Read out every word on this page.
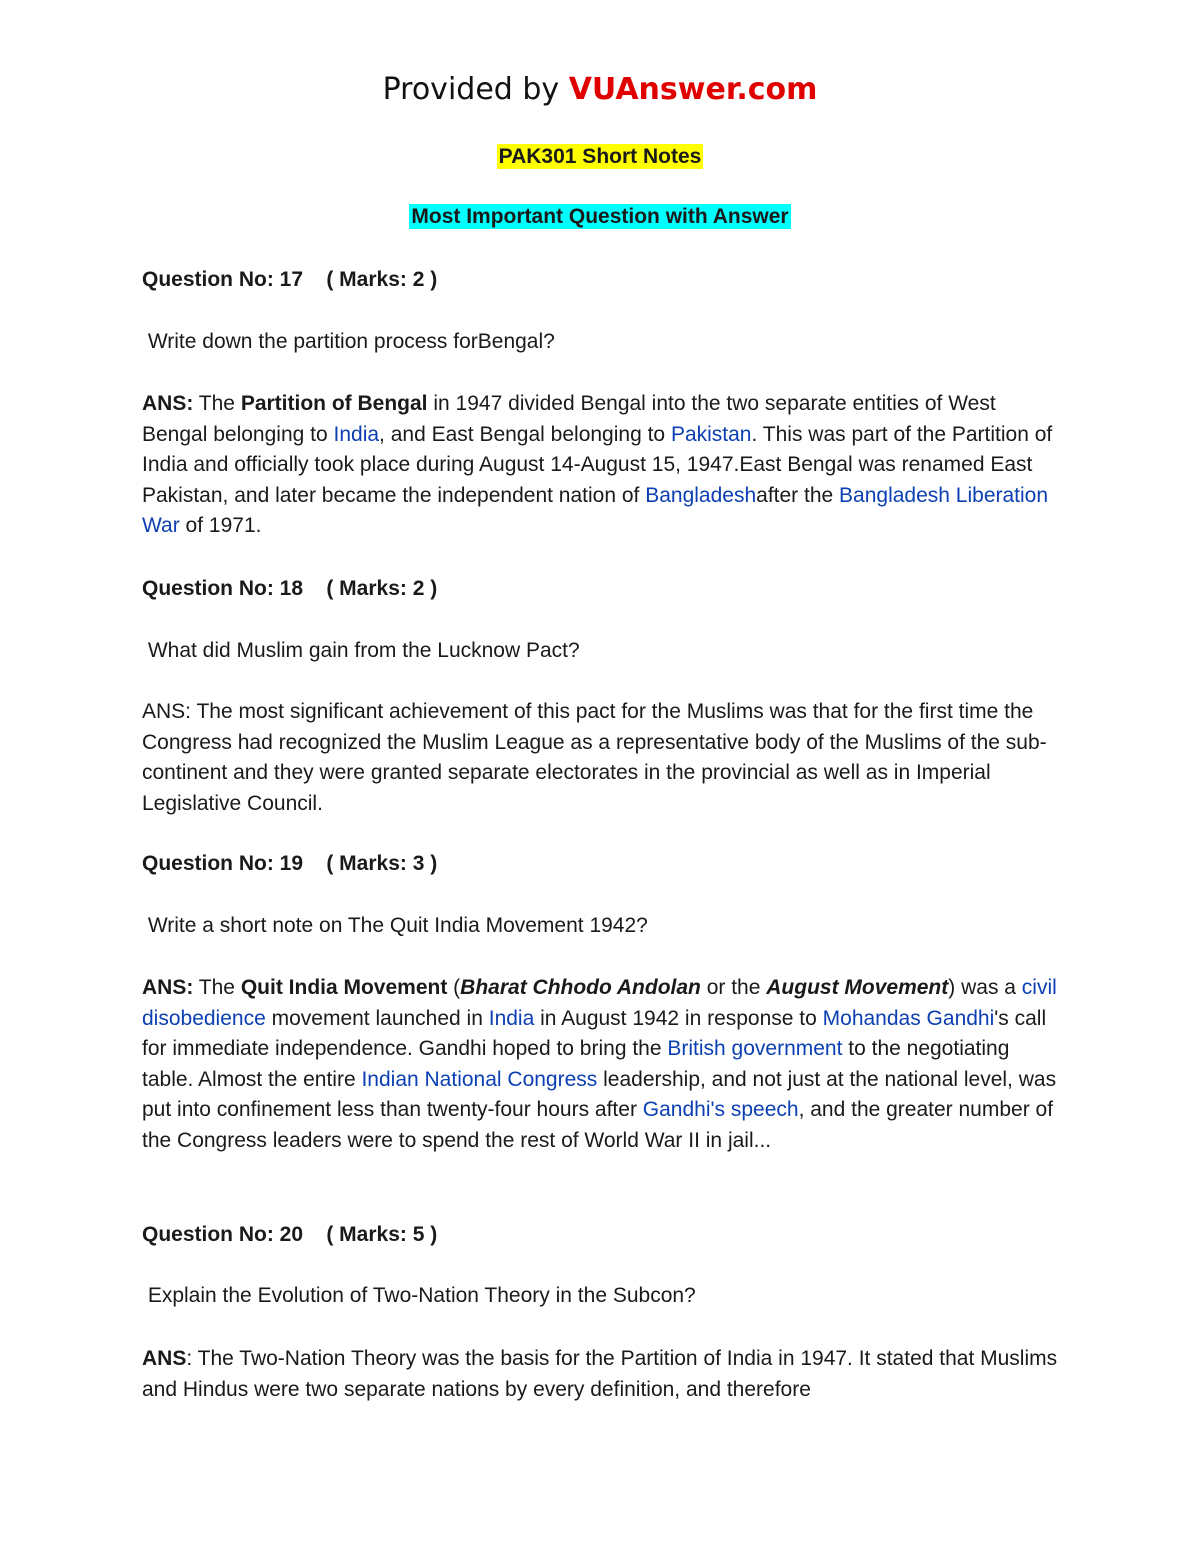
Provided by VUAnswer.com
PAK301 Short Notes
Most Important Question with Answer
Question No: 17    ( Marks: 2 )
Write down the partition process forBengal?
ANS: The Partition of Bengal in 1947 divided Bengal into the two separate entities of West Bengal belonging to India, and East Bengal belonging to Pakistan. This was part of the Partition of India and officially took place during August 14-August 15, 1947.East Bengal was renamed East Pakistan, and later became the independent nation of Bangladeshafter the Bangladesh Liberation War of 1971.
Question No: 18    ( Marks: 2 )
What did Muslim gain from the Lucknow Pact?
ANS: The most significant achievement of this pact for the Muslims was that for the first time the Congress had recognized the Muslim League as a representative body of the Muslims of the sub-continent and they were granted separate electorates in the provincial as well as in Imperial Legislative Council.
Question No: 19    ( Marks: 3 )
Write a short note on The Quit India Movement 1942?
ANS: The Quit India Movement (Bharat Chhodo Andolan or the August Movement) was a civil disobedience movement launched in India in August 1942 in response to Mohandas Gandhi's call for immediate independence. Gandhi hoped to bring the British government to the negotiating table. Almost the entire Indian National Congress leadership, and not just at the national level, was put into confinement less than twenty-four hours after Gandhi's speech, and the greater number of the Congress leaders were to spend the rest of World War II in jail...
Question No: 20    ( Marks: 5 )
Explain the Evolution of Two-Nation Theory in the Subcon?
ANS: The Two-Nation Theory was the basis for the Partition of India in 1947. It stated that Muslims and Hindus were two separate nations by every definition, and therefore
